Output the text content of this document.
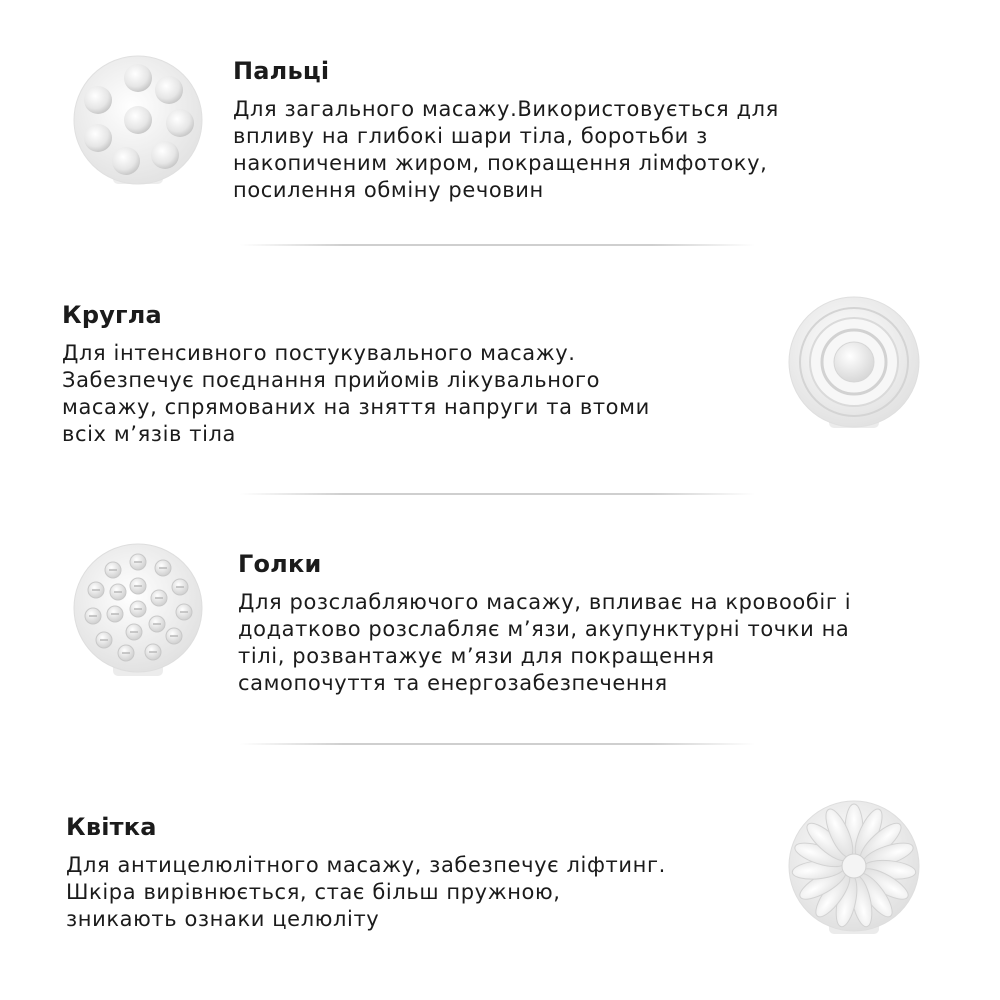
Пальці

Для загального масажу.Використовується для
впливу на глибокі шари тіла, боротьби з
накопиченим жиром, покращення лімфотоку,
посилення обміну речовин

Кругла

Для інтенсивного постукувального масажу.
Забезпечує поєднання прийомів лікувального
масажу, спрямованих на зняття напруги та втоми
всіх м’язів тіла

Голки

Для розслабляючого масажу, впливає на кровообіг і
додатково розслабляє м’язи, акупунктурні точки на
тілі, розвантажує м’язи для покращення
самопочуття та енергозабезпечення

Квітка

Для антицелюлітного масажу, забезпечує ліфтинг.
Шкіра вирівнюється, стає більш пружною,
зникають ознаки целюліту
